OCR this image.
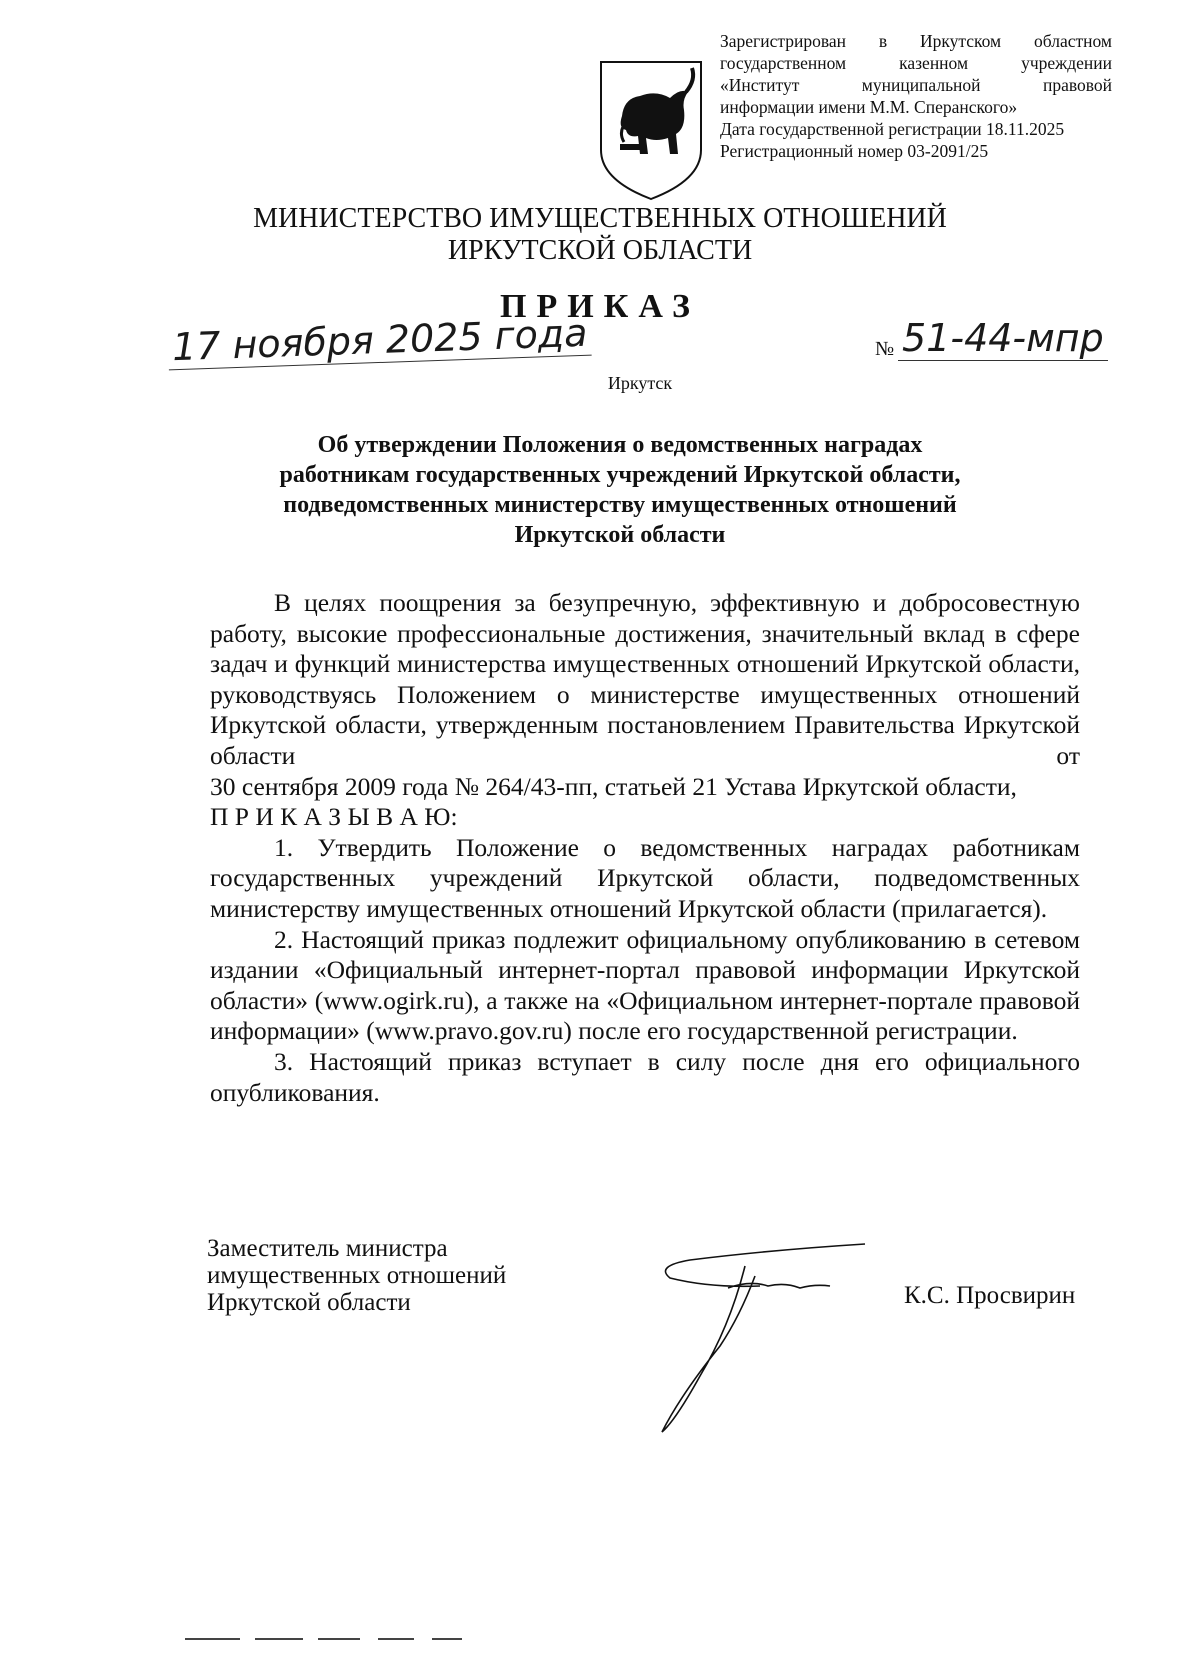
Зарегистрирован в Иркутском областном
государственном казенном учреждении
«Институт муниципальной правовой
информации имени М.М. Сперанского»
Дата государственной регистрации 18.11.2025
Регистрационный номер 03-2091/25
МИНИСТЕРСТВО ИМУЩЕСТВЕННЫХ ОТНОШЕНИЙ
ИРКУТСКОЙ ОБЛАСТИ
ПРИКАЗ
17 ноября 2025 года	№ 51-44-мпр
Иркутск
Об утверждении Положения о ведомственных наградах
работникам государственных учреждений Иркутской области,
подведомственных министерству имущественных отношений
Иркутской области

В целях поощрения за безупречную, эффективную и добросовестную работу, высокие профессиональные достижения, значительный вклад в сфере задач и функций министерства имущественных отношений Иркутской области, руководствуясь Положением о министерстве имущественных отношений Иркутской области, утвержденным постановлением Правительства Иркутской области от

30 сентября 2009 года № 264/43-пп, статьей 21 Устава Иркутской области,

П Р И К А З Ы В А Ю:

1. Утвердить Положение о ведомственных наградах работникам государственных учреждений Иркутской области, подведомственных министерству имущественных отношений Иркутской области (прилагается).

2. Настоящий приказ подлежит официальному опубликованию в сетевом издании «Официальный интернет-портал правовой информации Иркутской области» (www.ogirk.ru), а также на «Официальном интернет-портале правовой информации» (www.pravo.gov.ru) после его государственной регистрации.

3. Настоящий приказ вступает в силу после дня его официального опубликования.

Заместитель министра
имущественных отношений
Иркутской области	К.С. Просвирин
